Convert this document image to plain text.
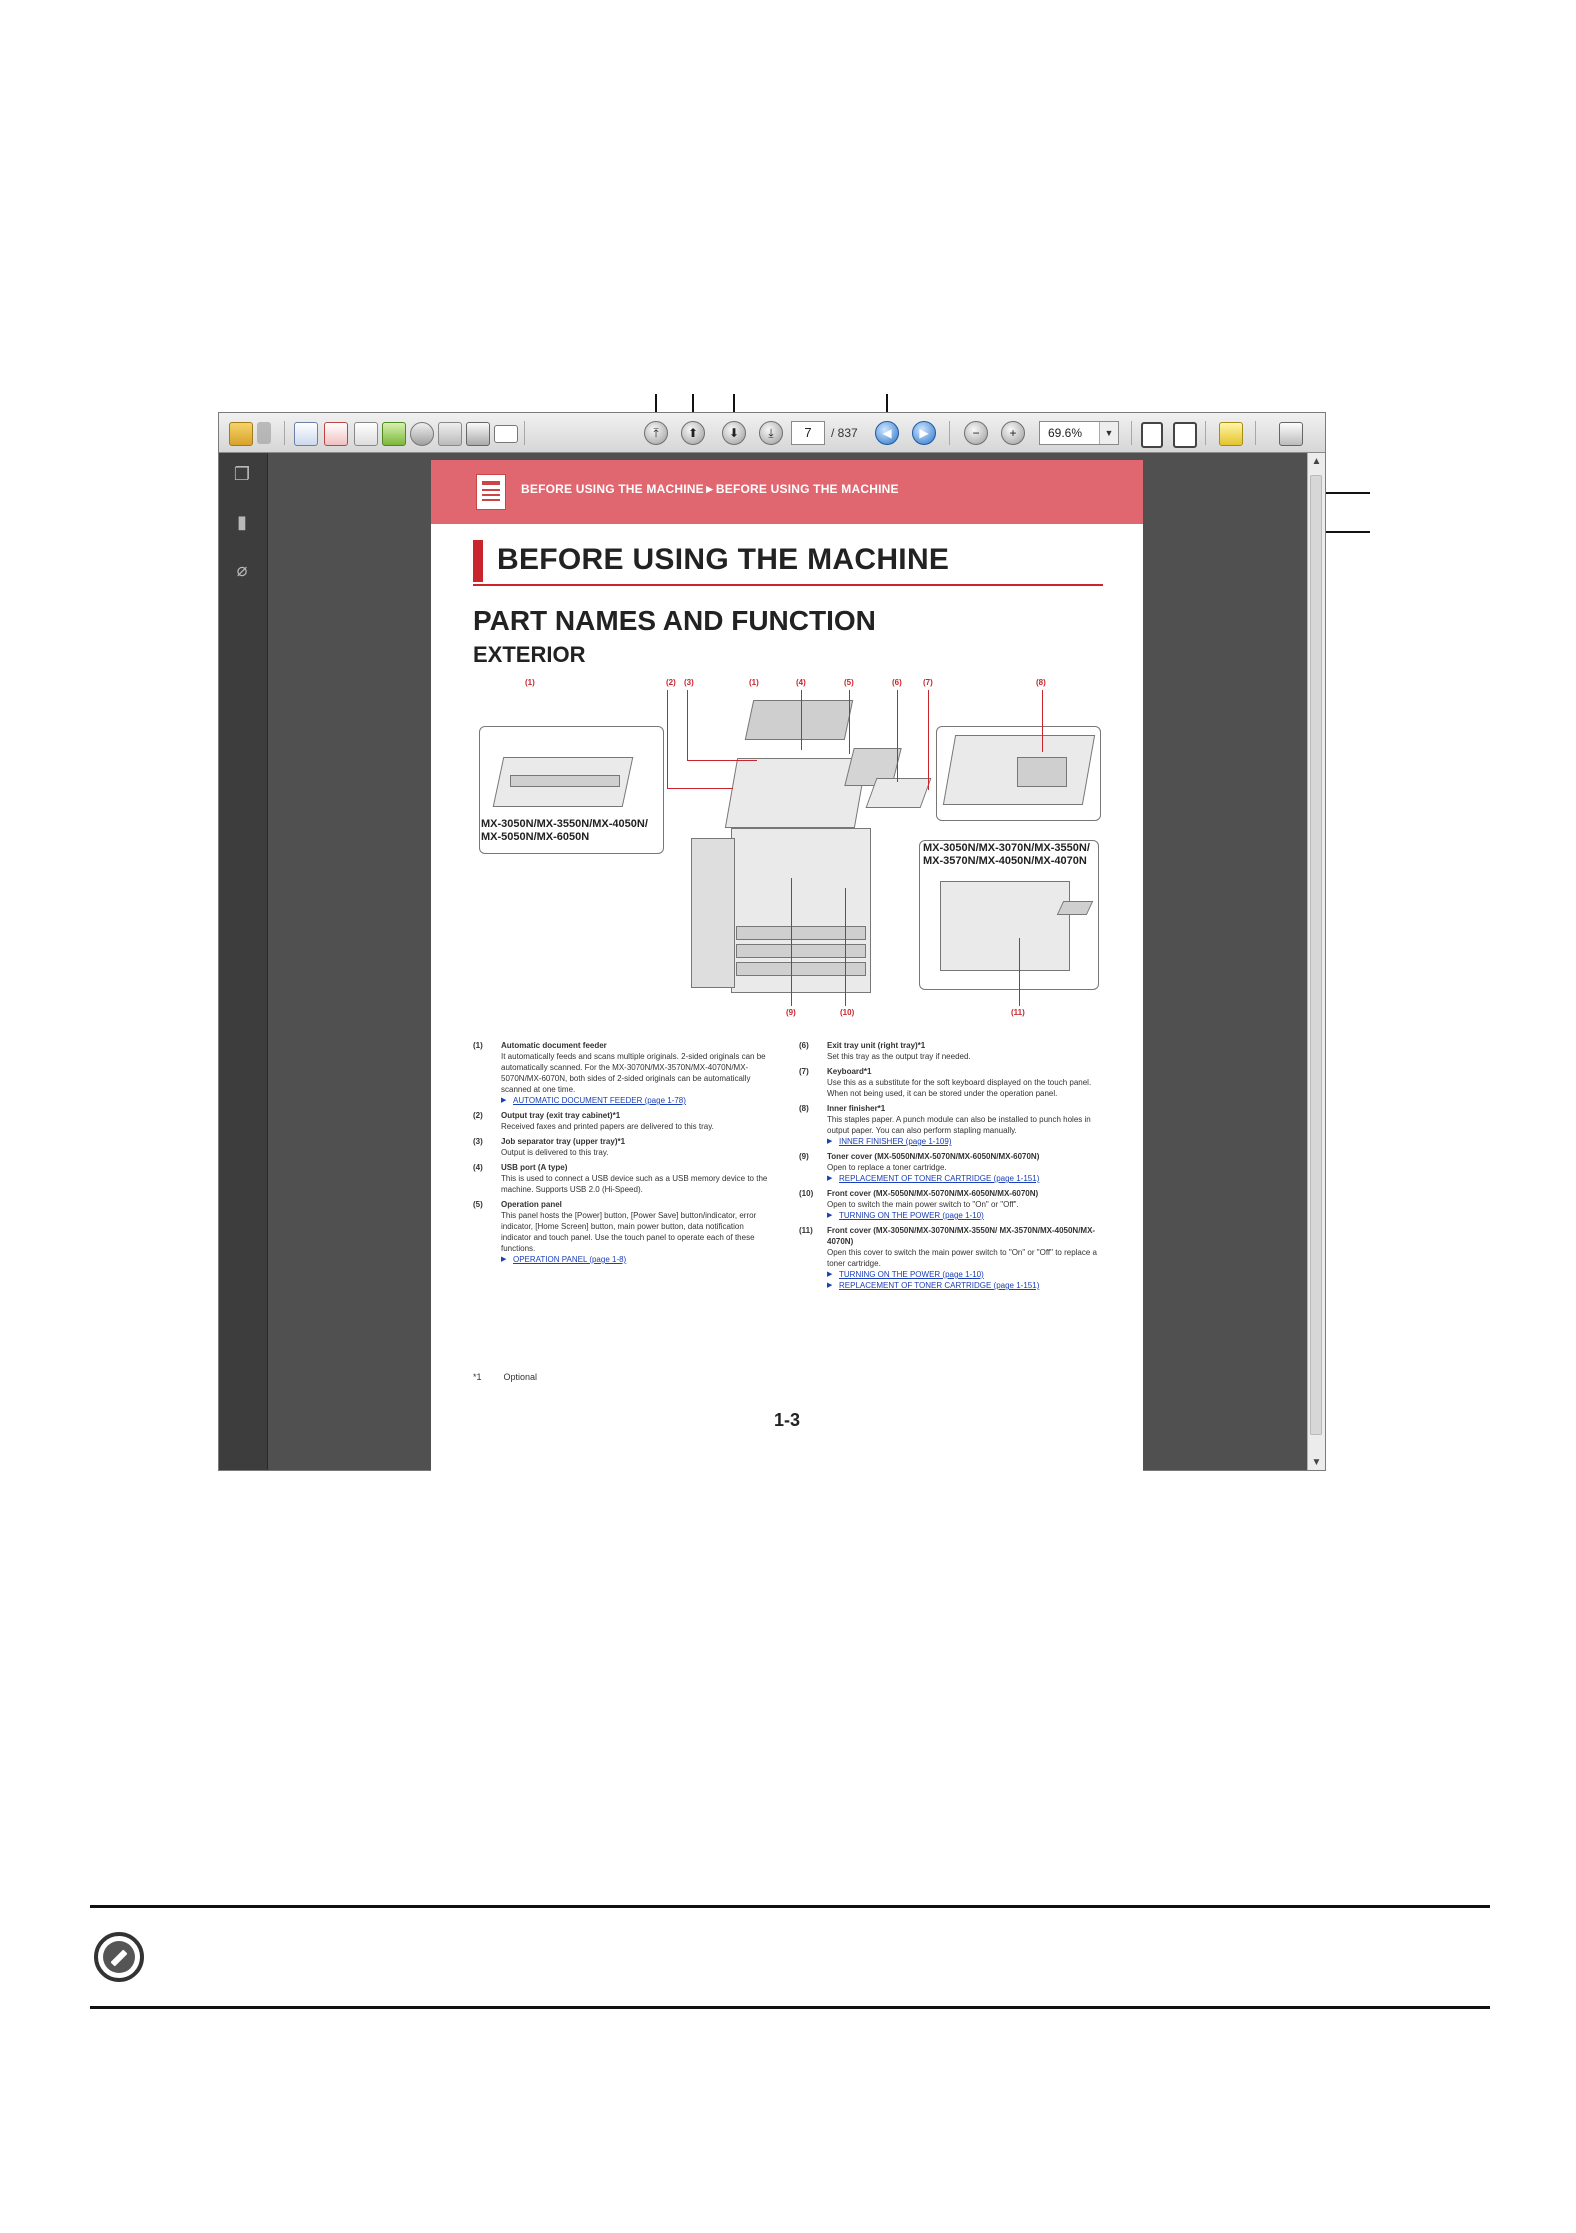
⤒	⬆	⬇	⤓	7	/ 837	◀	▶	−	+	69.6%	▼
❐
▮
⌀
▲
▼
BEFORE USING THE MACHINE►BEFORE USING THE MACHINE
BEFORE USING THE MACHINE
PART NAMES AND FUNCTION
EXTERIOR
(1)	(2) (3)	(1)	(4)	(5)	(6)	(7)	(8)
(9)	(10)	(11)
MX-3050N/MX-3550N/MX-4050N/
MX-5050N/MX-6050N
MX-3050N/MX-3070N/MX-3550N/
MX-3570N/MX-4050N/MX-4070N
(1) Automatic document feeder
It automatically feeds and scans multiple originals. 2-sided originals can be automatically scanned. For the MX-3070N/MX-3570N/MX-4070N/MX-5070N/MX-6070N, both sides of 2-sided originals can be automatically scanned at one time.
▶ AUTOMATIC DOCUMENT FEEDER (page 1-78)
(2) Output tray (exit tray cabinet)*1
Received faxes and printed papers are delivered to this tray.
(3) Job separator tray (upper tray)*1
Output is delivered to this tray.
(4) USB port (A type)
This is used to connect a USB device such as a USB memory device to the machine. Supports USB 2.0 (Hi-Speed).
(5) Operation panel
This panel hosts the [Power] button, [Power Save] button/indicator, error indicator, [Home Screen] button, main power button, data notification indicator and touch panel. Use the touch panel to operate each of these functions.
▶ OPERATION PANEL (page 1-8)
(6) Exit tray unit (right tray)*1
Set this tray as the output tray if needed.
(7) Keyboard*1
Use this as a substitute for the soft keyboard displayed on the touch panel. When not being used, it can be stored under the operation panel.
(8) Inner finisher*1
This staples paper. A punch module can also be installed to punch holes in output paper. You can also perform stapling manually.
▶ INNER FINISHER (page 1-109)
(9) Toner cover (MX-5050N/MX-5070N/MX-6050N/MX-6070N)
Open to replace a toner cartridge.
▶ REPLACEMENT OF TONER CARTRIDGE (page 1-151)
(10) Front cover (MX-5050N/MX-5070N/MX-6050N/MX-6070N)
Open to switch the main power switch to "On" or "Off".
▶ TURNING ON THE POWER (page 1-10)
(11) Front cover (MX-3050N/MX-3070N/MX-3550N/ MX-3570N/MX-4050N/MX-4070N)
Open this cover to switch the main power switch to "On" or "Off" to replace a toner cartridge.
▶ TURNING ON THE POWER (page 1-10)
▶ REPLACEMENT OF TONER CARTRIDGE (page 1-151)
*1 Optional
1-3
